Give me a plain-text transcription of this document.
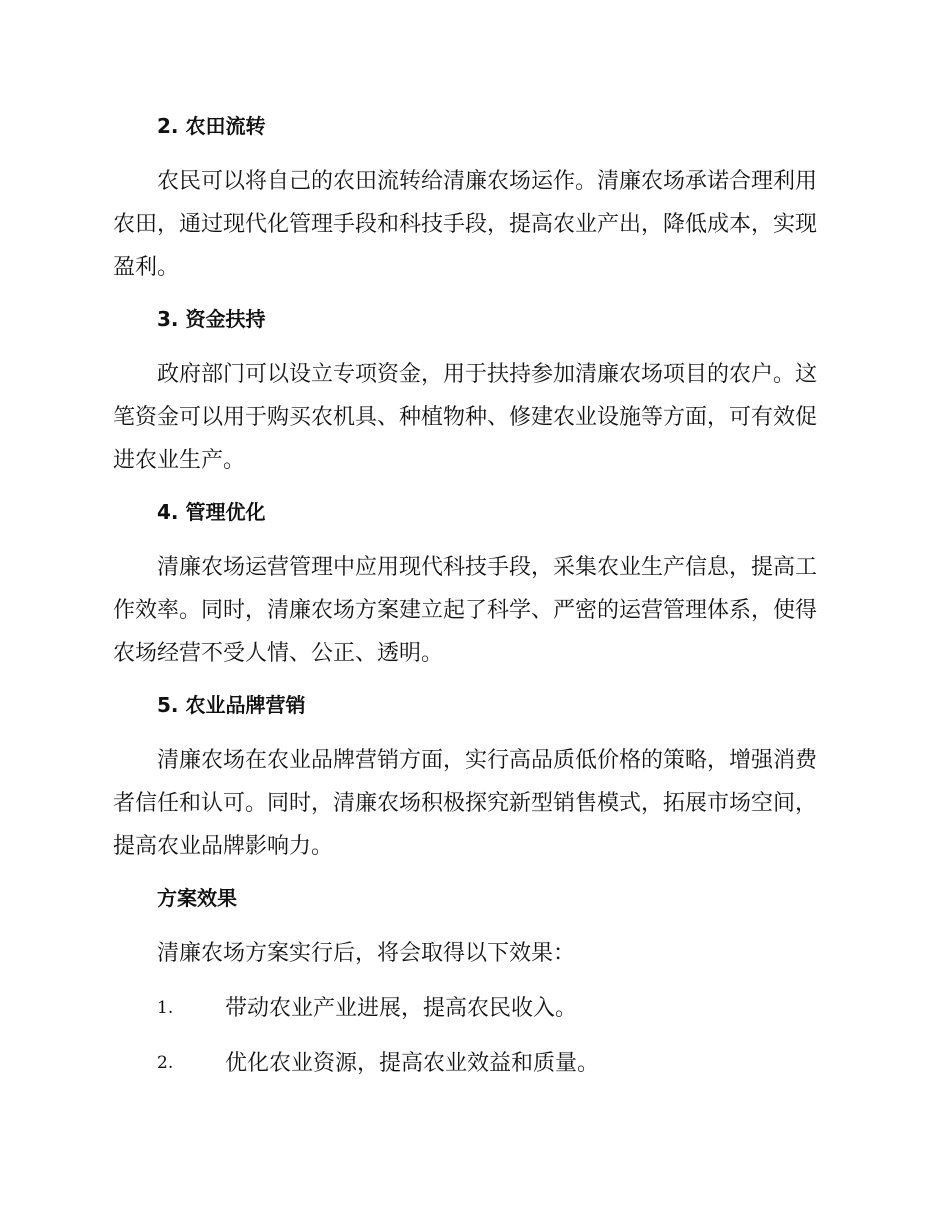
2. 农田流转

农民可以将自己的农田流转给清廉农场运作。清廉农场承诺合理利用农田，通过现代化管理手段和科技手段，提高农业产出，降低成本，实现盈利。

3. 资金扶持

政府部门可以设立专项资金，用于扶持参加清廉农场项目的农户。这笔资金可以用于购买农机具、种植物种、修建农业设施等方面，可有效促进农业生产。

4. 管理优化

清廉农场运营管理中应用现代科技手段，采集农业生产信息，提高工作效率。同时，清廉农场方案建立起了科学、严密的运营管理体系，使得农场经营不受人情、公正、透明。

5. 农业品牌营销

清廉农场在农业品牌营销方面，实行高品质低价格的策略，增强消费者信任和认可。同时，清廉农场积极探究新型销售模式，拓展市场空间，提高农业品牌影响力。

方案效果

清廉农场方案实行后，将会取得以下效果：

1. 带动农业产业进展，提高农民收入。
2. 优化农业资源，提高农业效益和质量。
